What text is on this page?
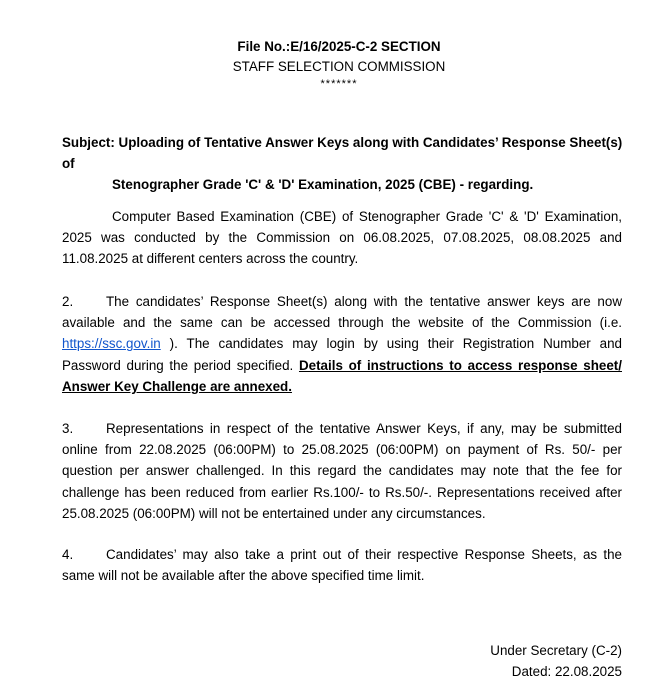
File No.:E/16/2025-C-2 SECTION
STAFF SELECTION COMMISSION
*******
Subject: Uploading of Tentative Answer Keys along with Candidates’ Response Sheet(s) of
Stenographer Grade 'C' & 'D' Examination, 2025 (CBE) - regarding.
Computer Based Examination (CBE) of Stenographer Grade 'C' & 'D' Examination, 2025 was conducted by the Commission on 06.08.2025, 07.08.2025, 08.08.2025 and 11.08.2025 at different centers across the country.
2. The candidates’ Response Sheet(s) along with the tentative answer keys are now available and the same can be accessed through the website of the Commission (i.e. https://ssc.gov.in ). The candidates may login by using their Registration Number and Password during the period specified. Details of instructions to access response sheet/ Answer Key Challenge are annexed.
3. Representations in respect of the tentative Answer Keys, if any, may be submitted online from 22.08.2025 (06:00PM) to 25.08.2025 (06:00PM) on payment of Rs. 50/- per question per answer challenged. In this regard the candidates may note that the fee for challenge has been reduced from earlier Rs.100/- to Rs.50/-. Representations received after 25.08.2025 (06:00PM) will not be entertained under any circumstances.
4. Candidates’ may also take a print out of their respective Response Sheets, as the same will not be available after the above specified time limit.
Under Secretary (C-2)
Dated: 22.08.2025
